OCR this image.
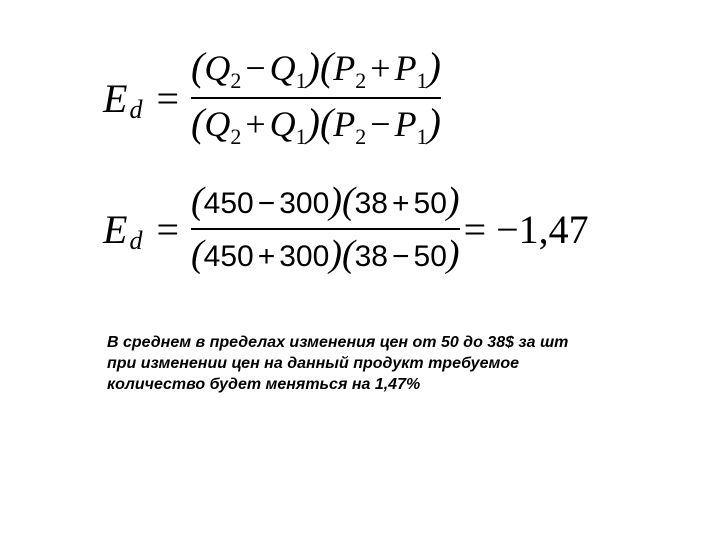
E $d = \frac{(Q_2 - Q_1)(P_2 + P_1)}{(Q_2 + Q_1)(P_2 - P_1)}$
E $d = \frac{(450 - 300)(38 + 50)}{(450 + 300)(38 - 50)} = -1,47$
В среднем в пределах изменения цен от 50 до 38$ за шт
при изменении цен на данный продукт требуемое
количество будет меняться на 1,47%
